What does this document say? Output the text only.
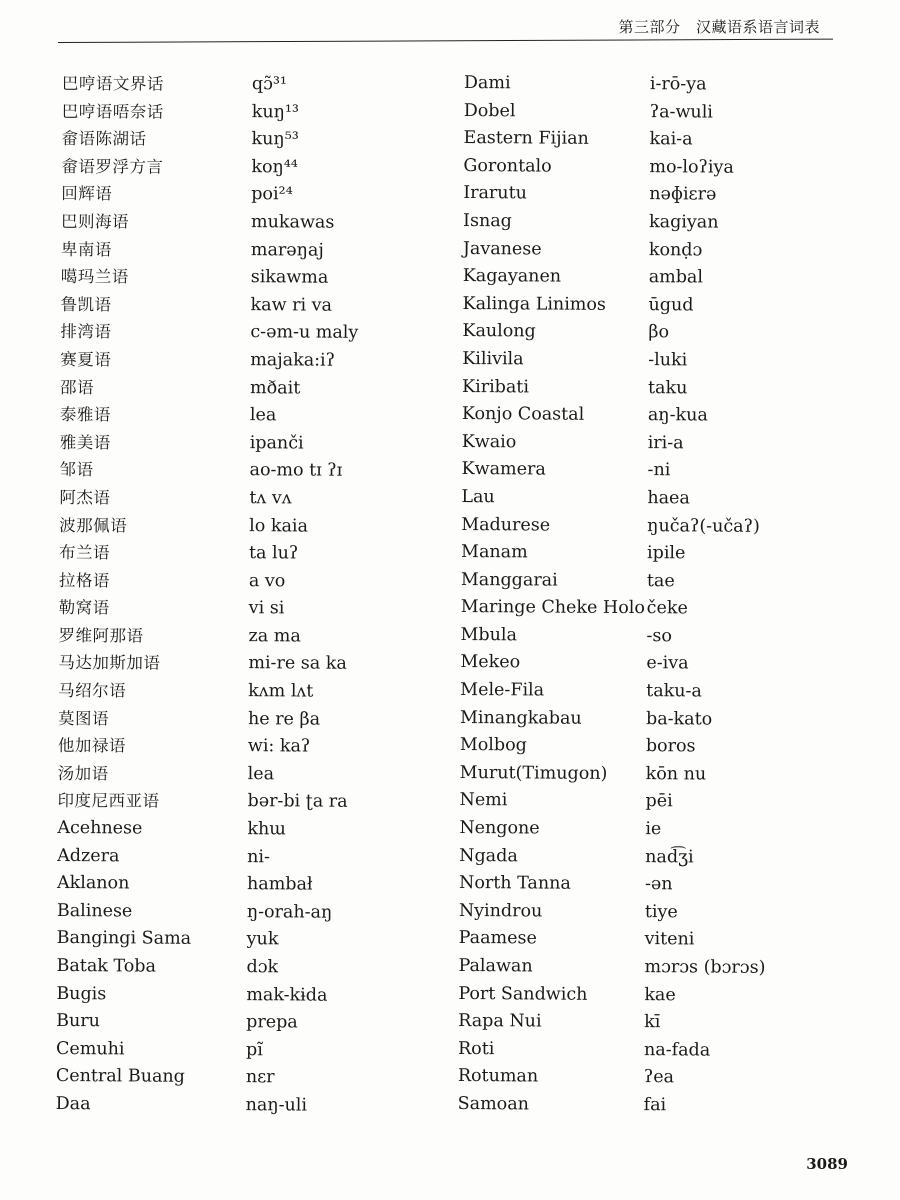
第三部分　汉藏语系语言词表
巴哼语文界话	qɔ̃³¹
巴哼语唔奈话	kuŋ¹³
畲语陈湖话	kuŋ⁵³
畲语罗浮方言	koŋ⁴⁴
回辉语	poi²⁴
巴则海语	mukawas
卑南语	marəŋaj
噶玛兰语	sikawma
鲁凯语	kaw ri va
排湾语	c-əm-u maly
赛夏语	majaka:iʔ
邵语	mðait
泰雅语	lea
雅美语	ipanči
邹语	ao-mo tɪ ʔɪ
阿杰语	tʌ vʌ
波那佩语	lo kaia
布兰语	ta luʔ
拉格语	a vo
勒窝语	vi si
罗维阿那语	za ma
马达加斯加语	mi-re sa ka
马绍尔语	kʌm lʌt
莫图语	he re βa
他加禄语	wi: kaʔ
汤加语	lea
印度尼西亚语	bər-bi ʈa ra
Acehnese	khɯ
Adzera	ni-
Aklanon	hambał
Balinese	ŋ-orah-aŋ
Bangingi Sama	yuk
Batak Toba	dɔk
Bugis	mak-kɨda
Buru	prepa
Cemuhi	pĩ
Central Buang	nɛr
Daa	naŋ-uli
Dami	i-rō-ya
Dobel	ʔa-wuli
Eastern Fijian	kai-a
Gorontalo	mo-loʔiya
Irarutu	nəɸiɛrə
Isnag	kagiyan
Javanese	konḍɔ
Kagayanen	ambal
Kalinga Linimos ūgud
Kaulong	βo
Kilivila	-luki
Kiribati	taku
Konjo Coastal	aŋ-kua
Kwaio	iri-a
Kwamera	-ni
Lau	haea
Madurese	ŋučaʔ(-učaʔ)
Manam	ipile
Manggarai	tae
Maringe Cheke Holo čeke
Mbula	-so
Mekeo	e-iva
Mele-Fila	taku-a
Minangkabau	ba-kato
Molbog	boros
Murut(Timugon) kōn nu
Nemi	pēi
Nengone	ie
Ngada	nad͡ʒi
North Tanna	-ən
Nyindrou	tiye
Paamese	viteni
Palawan	mɔrɔs (bɔrɔs)
Port Sandwich	kae
Rapa Nui	kī
Roti	na-fada
Rotuman	ʔea
Samoan	fai
3089
